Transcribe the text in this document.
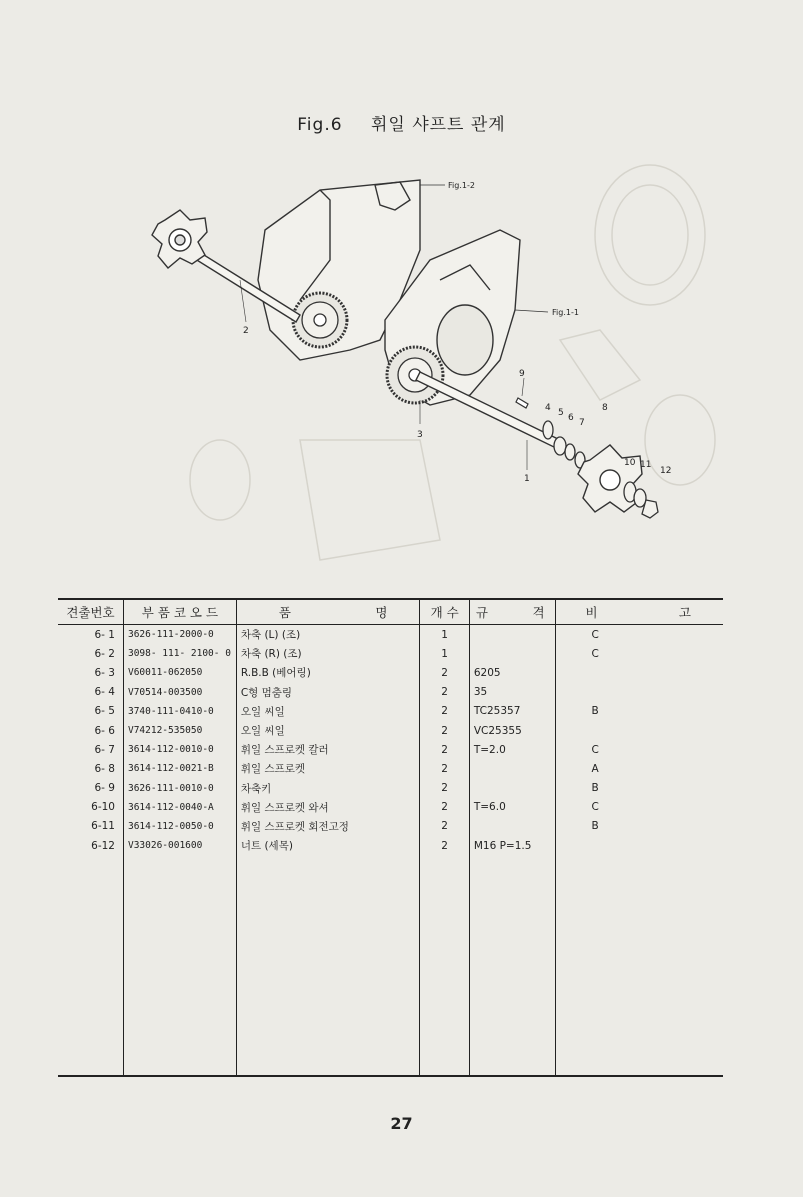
Fig.6 휘일 샤프트 관계
Fig.1-2
Fig.1-1
2
3
1
9
4 5 6 7
8
10 11
12
견출번호	부 품 코 오 드	품 명	개 수	규 격	비 고

6- 1	3626-111-2000-0	차축 (L) (조)	1		C
6- 2	3098- 111- 2100- 0	차축 (R) (조)	1		C
6- 3	V60011-062050	R.B.B (베어링)	2	6205	
6- 4	V70514-003500	C형 멈춤링	2	35	
6- 5	3740-111-0410-0	오일 씨일	2	TC25357	B
6- 6	V74212-535050	오일 씨일	2	VC25355	
6- 7	3614-112-0010-0	휘일 스프로켓 칼러	2	T=2.0	C
6- 8	3614-112-0021-B	휘일 스프로켓	2		A
6- 9	3626-111-0010-0	차축키	2		B
6-10	3614-112-0040-A	휘일 스프로켓 와셔	2	T=6.0	C
6-11	3614-112-0050-0	휘일 스프로켓 회전고정	2		B
6-12	V33026-001600	너트 (세목)	2	M16 P=1.5	

27
